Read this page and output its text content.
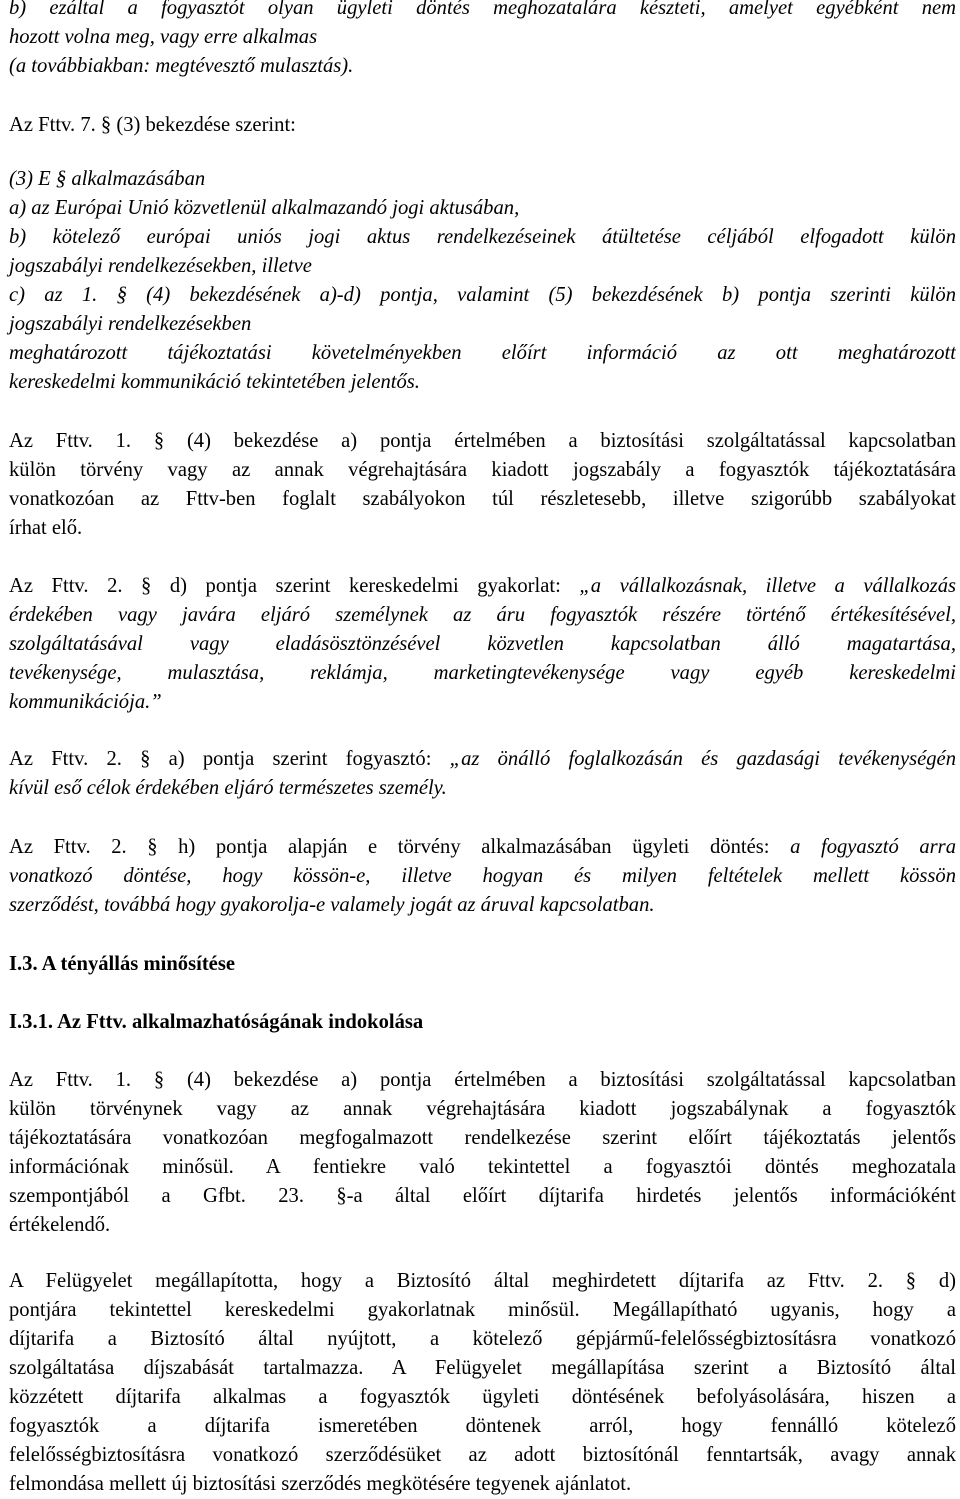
b) ezáltal a fogyasztót olyan ügyleti döntés meghozatalára készteti, amelyet egyébként nem
hozott volna meg, vagy erre alkalmas
(a továbbiakban: megtévesztő mulasztás).
Az Fttv. 7. § (3) bekezdése szerint:
(3) E § alkalmazásában
a) az Európai Unió közvetlenül alkalmazandó jogi aktusában,
b) kötelező európai uniós jogi aktus rendelkezéseinek átültetése céljából elfogadott külön
jogszabályi rendelkezésekben, illetve
c) az 1. § (4) bekezdésének a)-d) pontja, valamint (5) bekezdésének b) pontja szerinti külön
jogszabályi rendelkezésekben
meghatározott tájékoztatási követelményekben előírt információ az ott meghatározott
kereskedelmi kommunikáció tekintetében jelentős.
Az Fttv. 1. § (4) bekezdése a) pontja értelmében a biztosítási szolgáltatással kapcsolatban
külön törvény vagy az annak végrehajtására kiadott jogszabály a fogyasztók tájékoztatására
vonatkozóan az Fttv-ben foglalt szabályokon túl részletesebb, illetve szigorúbb szabályokat
írhat elő.
Az Fttv. 2. § d) pontja szerint kereskedelmi gyakorlat: „a vállalkozásnak, illetve a vállalkozás
érdekében vagy javára eljáró személynek az áru fogyasztók részére történő értékesítésével,
szolgáltatásával vagy eladásösztönzésével közvetlen kapcsolatban álló magatartása,
tevékenysége, mulasztása, reklámja, marketingtevékenysége vagy egyéb kereskedelmi
kommunikációja.”
Az Fttv. 2. § a) pontja szerint fogyasztó: „az önálló foglalkozásán és gazdasági tevékenységén
kívül eső célok érdekében eljáró természetes személy.
Az Fttv. 2. § h) pontja alapján e törvény alkalmazásában ügyleti döntés: a fogyasztó arra
vonatkozó döntése, hogy kössön-e, illetve hogyan és milyen feltételek mellett kössön
szerződést, továbbá hogy gyakorolja-e valamely jogát az áruval kapcsolatban.
I.3. A tényállás minősítése
I.3.1. Az Fttv. alkalmazhatóságának indokolása
Az Fttv. 1. § (4) bekezdése a) pontja értelmében a biztosítási szolgáltatással kapcsolatban
külön törvénynek vagy az annak végrehajtására kiadott jogszabálynak a fogyasztók
tájékoztatására vonatkozóan megfogalmazott rendelkezése szerint előírt tájékoztatás jelentős
információnak minősül. A fentiekre való tekintettel a fogyasztói döntés meghozatala
szempontjából a Gfbt. 23. §-a által előírt díjtarifa hirdetés jelentős információként
értékelendő.
A Felügyelet megállapította, hogy a Biztosító által meghirdetett díjtarifa az Fttv. 2. § d)
pontjára tekintettel kereskedelmi gyakorlatnak minősül. Megállapítható ugyanis, hogy a
díjtarifa a Biztosító által nyújtott, a kötelező gépjármű-felelősségbiztosításra vonatkozó
szolgáltatása díjszabását tartalmazza. A Felügyelet megállapítása szerint a Biztosító által
közzétett díjtarifa alkalmas a fogyasztók ügyleti döntésének befolyásolására, hiszen a
fogyasztók a díjtarifa ismeretében döntenek arról, hogy fennálló kötelező
felelősségbiztosításra vonatkozó szerződésüket az adott biztosítónál fenntartsák, avagy annak
felmondása mellett új biztosítási szerződés megkötésére tegyenek ajánlatot.
